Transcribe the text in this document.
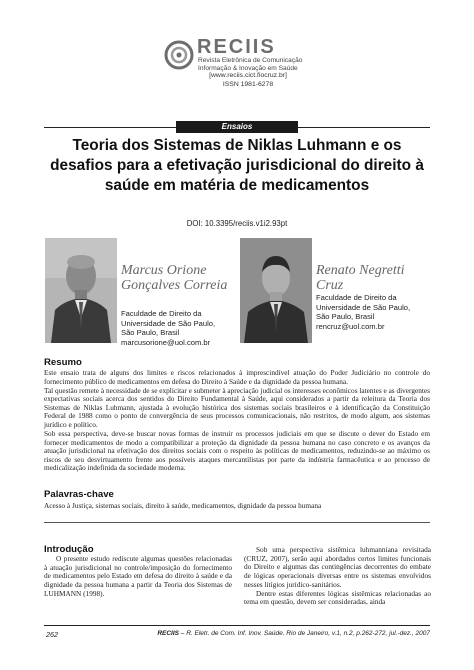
RECIIS
Revista Eletrônica de Comunicação
Informação & Inovação em Saúde
[www.reciis.cict.fiocruz.br]
ISSN 1981-6278
Ensaios
Teoria dos Sistemas de Niklas Luhmann e os desafios para a efetivação jurisdicional do direito à saúde em matéria de medicamentos
DOI: 10.3395/reciis.v1i2.93pt
Marcus Orione Gonçalves Correia
Faculdade de Direito da
Universidade de São Paulo,
São Paulo, Brasil
marcusorione@uol.com.br
Renato Negretti Cruz
Faculdade de Direito da
Universidade de São Paulo,
São Paulo, Brasil
rencruz@uol.com.br
Resumo

Este ensaio trata de alguns dos limites e riscos relacionados à imprescindível atuação do Poder Judiciário no controle do fornecimento público de medicamentos em defesa do Direito à Saúde e da dignidade da pessoa humana.

Tal questão remete à necessidade de se explicitar e submeter à apreciação judicial os interesses econômicos latentes e as divergentes expectativas sociais acerca dos sentidos do Direito Fundamental à Saúde, aqui considerados a partir da releitura da Teoria dos Sistemas de Niklas Luhmann, ajustada à evolução histórica dos sistemas sociais brasileiros e à identificação da Constituição Federal de 1988 como o ponto de convergência de seus processos comunicacionais, não restritos, de modo algum, aos sistemas jurídico e político.

Sob essa perspectiva, deve-se buscar novas formas de instruir os processos judiciais em que se discute o dever do Estado em fornecer medicamentos de modo a compatibilizar a proteção da dignidade da pessoa humana no caso concreto e os avanços da atuação jurisdicional na efetivação dos direitos sociais com o respeito às políticas de medicamentos, reduzindo-se ao máximo os riscos de seu desvirtuamento frente aos possíveis ataques mercantilistas por parte da indústria farmacêutica e ao processo de medicalização indefinida da sociedade moderna.

Palavras-chave
Acesso à Justiça, sistemas sociais, direito à saúde, medicamentos, dignidade da pessoa humana
Introdução

O presente estudo rediscute algumas questões relacionadas à atuação jurisdicional no controle/imposição do fornecimento de medicamentos pelo Estado em defesa do direito à saúde e da dignidade da pessoa humana a partir da Teoria dos Sistemas de LUHMANN (1998).

Sob uma perspectiva sistêmica luhmanniana revisitada (CRUZ, 2007), serão aqui abordados certos limites funcionais do Direito e algumas das contingências decorrentes do embate de lógicas operacionais diversas entre os sistemas envolvidos nesses litígios jurídico-sanitários.

Dentre estas diferentes lógicas sistêmicas relacionadas ao tema em questão, devem ser consideradas, ainda

262	RECIIS – R. Eletr. de Com. Inf. Inov. Saúde. Rio de Janeiro, v.1, n.2, p.262-272, jul.-dez., 2007
